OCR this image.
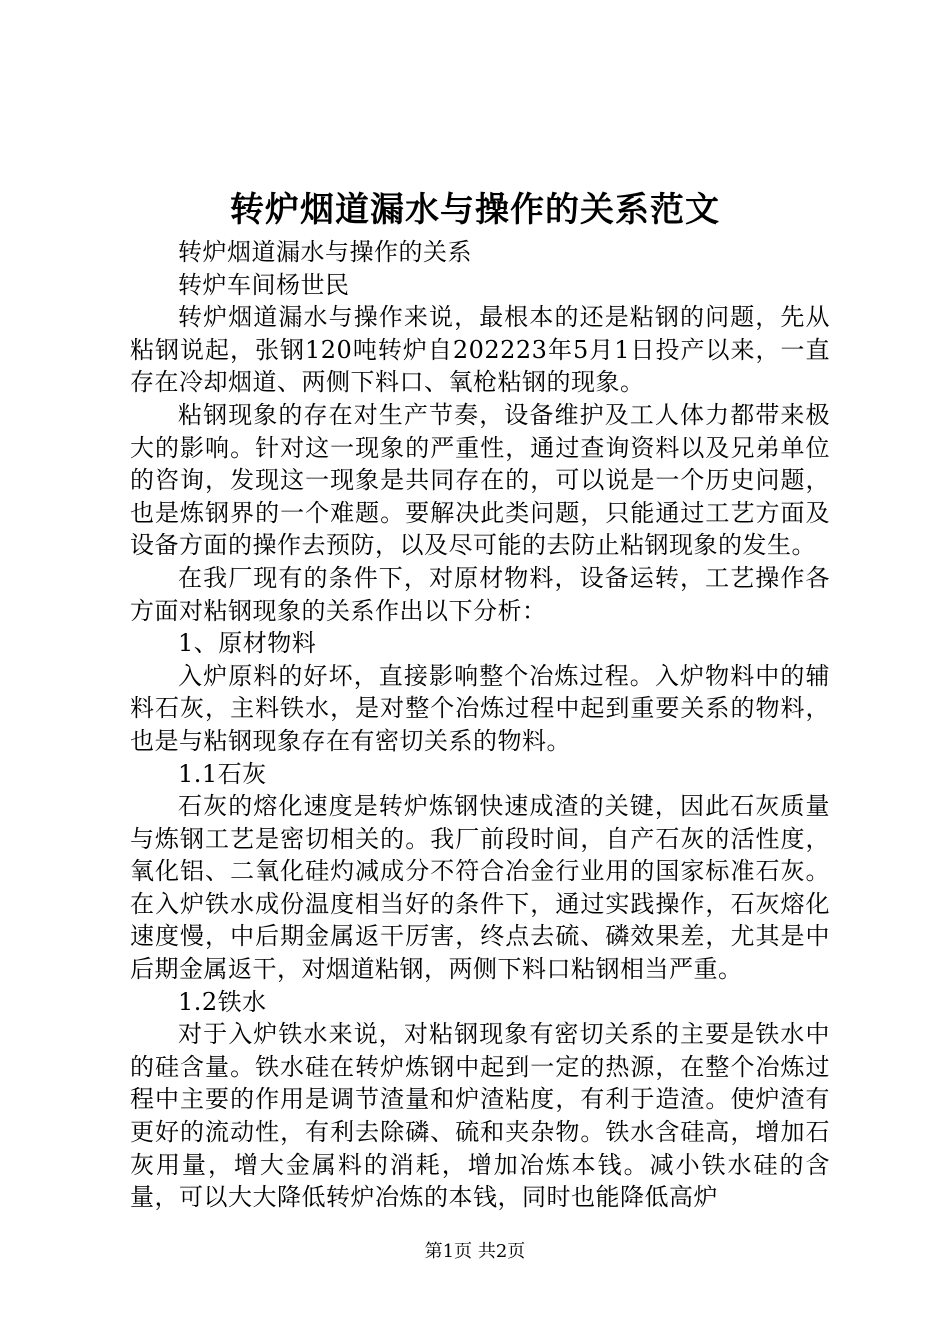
转炉烟道漏水与操作的关系范文

转炉烟道漏水与操作的关系

转炉车间杨世民

转炉烟道漏水与操作来说，最根本的还是粘钢的问题，先从粘钢说起，张钢120吨转炉自202223年5月1日投产以来，一直存在冷却烟道、两侧下料口、氧枪粘钢的现象。

粘钢现象的存在对生产节奏，设备维护及工人体力都带来极大的影响。针对这一现象的严重性，通过查询资料以及兄弟单位的咨询，发现这一现象是共同存在的，可以说是一个历史问题，也是炼钢界的一个难题。要解决此类问题，只能通过工艺方面及设备方面的操作去预防，以及尽可能的去防止粘钢现象的发生。

在我厂现有的条件下，对原材物料，设备运转，工艺操作各方面对粘钢现象的关系作出以下分析：

1、原材物料

入炉原料的好坏，直接影响整个冶炼过程。入炉物料中的辅料石灰，主料铁水，是对整个冶炼过程中起到重要关系的物料，也是与粘钢现象存在有密切关系的物料。

1.1石灰

石灰的熔化速度是转炉炼钢快速成渣的关键，因此石灰质量与炼钢工艺是密切相关的。我厂前段时间，自产石灰的活性度，氧化铝、二氧化硅灼减成分不符合冶金行业用的国家标准石灰。在入炉铁水成份温度相当好的条件下，通过实践操作，石灰熔化速度慢，中后期金属返干厉害，终点去硫、磷效果差，尤其是中后期金属返干，对烟道粘钢，两侧下料口粘钢相当严重。

1.2铁水

对于入炉铁水来说，对粘钢现象有密切关系的主要是铁水中的硅含量。铁水硅在转炉炼钢中起到一定的热源，在整个冶炼过程中主要的作用是调节渣量和炉渣粘度，有利于造渣。使炉渣有更好的流动性，有利去除磷、硫和夹杂物。铁水含硅高，增加石灰用量，增大金属料的消耗，增加冶炼本钱。减小铁水硅的含量，可以大大降低转炉冶炼的本钱，同时也能降低高炉

第1页 共2页
